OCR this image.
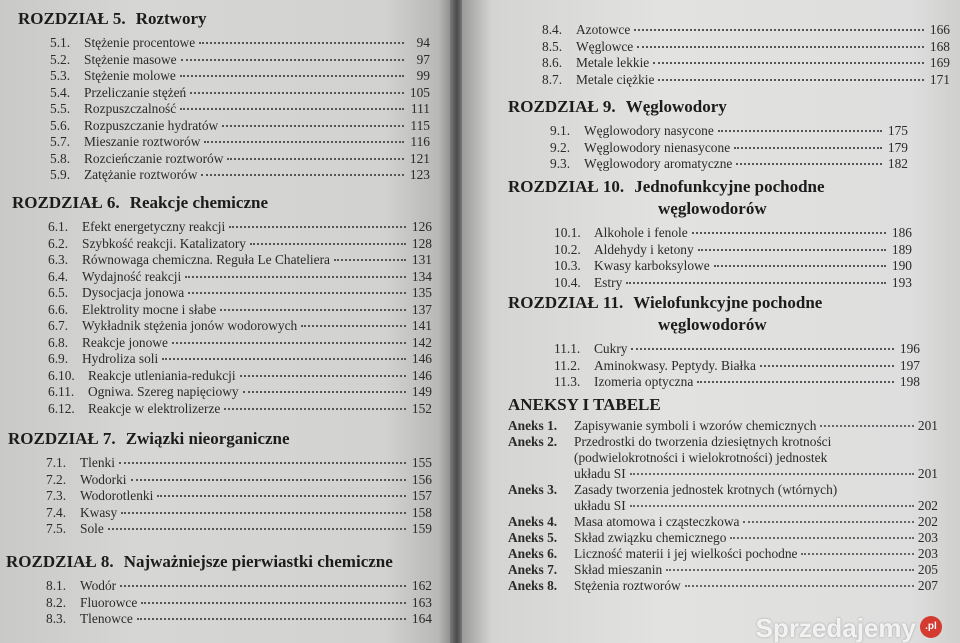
ROZDZIAŁ 5. Roztwory
5.1.	Stężenie procentowe	94
5.2.	Stężenie masowe	97
5.3.	Stężenie molowe	99
5.4.	Przeliczanie stężeń	105
5.5.	Rozpuszczalność	111
5.6.	Rozpuszczanie hydratów	115
5.7.	Mieszanie roztworów	116
5.8.	Rozcieńczanie roztworów	121
5.9.	Zatężanie roztworów	123
ROZDZIAŁ 6. Reakcje chemiczne
6.1.	Efekt energetyczny reakcji	126
6.2.	Szybkość reakcji. Katalizatory	128
6.3.	Równowaga chemiczna. Reguła Le Chateliera	131
6.4.	Wydajność reakcji	134
6.5.	Dysocjacja jonowa	135
6.6.	Elektrolity mocne i słabe	137
6.7.	Wykładnik stężenia jonów wodorowych	141
6.8.	Reakcje jonowe	142
6.9.	Hydroliza soli	146
6.10. Reakcje utleniania-redukcji	146
6.11.	Ogniwa. Szereg napięciowy	149
6.12. Reakcje w elektrolizerze	152
ROZDZIAŁ 7. Związki nieorganiczne
7.1.	Tlenki	155
7.2.	Wodorki	156
7.3.	Wodorotlenki	157
7.4.	Kwasy	158
7.5.	Sole	159
ROZDZIAŁ 8. Najważniejsze pierwiastki chemiczne
8.1.	Wodór	162
8.2.	Fluorowce	163
8.3.	Tlenowce	164
8.4.	Azotowce	166
8.5.	Węglowce	168
8.6.	Metale lekkie	169
8.7.	Metale ciężkie	171
ROZDZIAŁ 9. Węglowodory
9.1.	Węglowodory nasycone	175
9.2.	Węglowodory nienasycone	179
9.3.	Węglowodory aromatyczne	182
ROZDZIAŁ 10. Jednofunkcyjne pochodne
węglowodorów
10.1. Alkohole i fenole	186
10.2. Aldehydy i ketony	189
10.3. Kwasy karboksylowe	190
10.4. Estry	193
ROZDZIAŁ 11. Wielofunkcyjne pochodne
węglowodorów
11.1.	Cukry	196
11.2.	Aminokwasy. Peptydy. Białka	197
11.3.	Izomeria optyczna	198
ANEKSY I TABELE
Aneks 1.	Zapisywanie symboli i wzorów chemicznych	201
Aneks 2.	Przedrostki do tworzenia dziesiętnych krotności
(podwielokrotności i wielokrotności) jednostek
układu SI	201
Aneks 3.	Zasady tworzenia jednostek krotnych (wtórnych)
układu SI	202
Aneks 4.	Masa atomowa i cząsteczkowa	202
Aneks 5.	Skład związku chemicznego	203
Aneks 6.	Liczność materii i jej wielkości pochodne	203
Aneks 7.	Skład mieszanin	205
Aneks 8.	Stężenia roztworów	207
Sprzedajemy .pl
